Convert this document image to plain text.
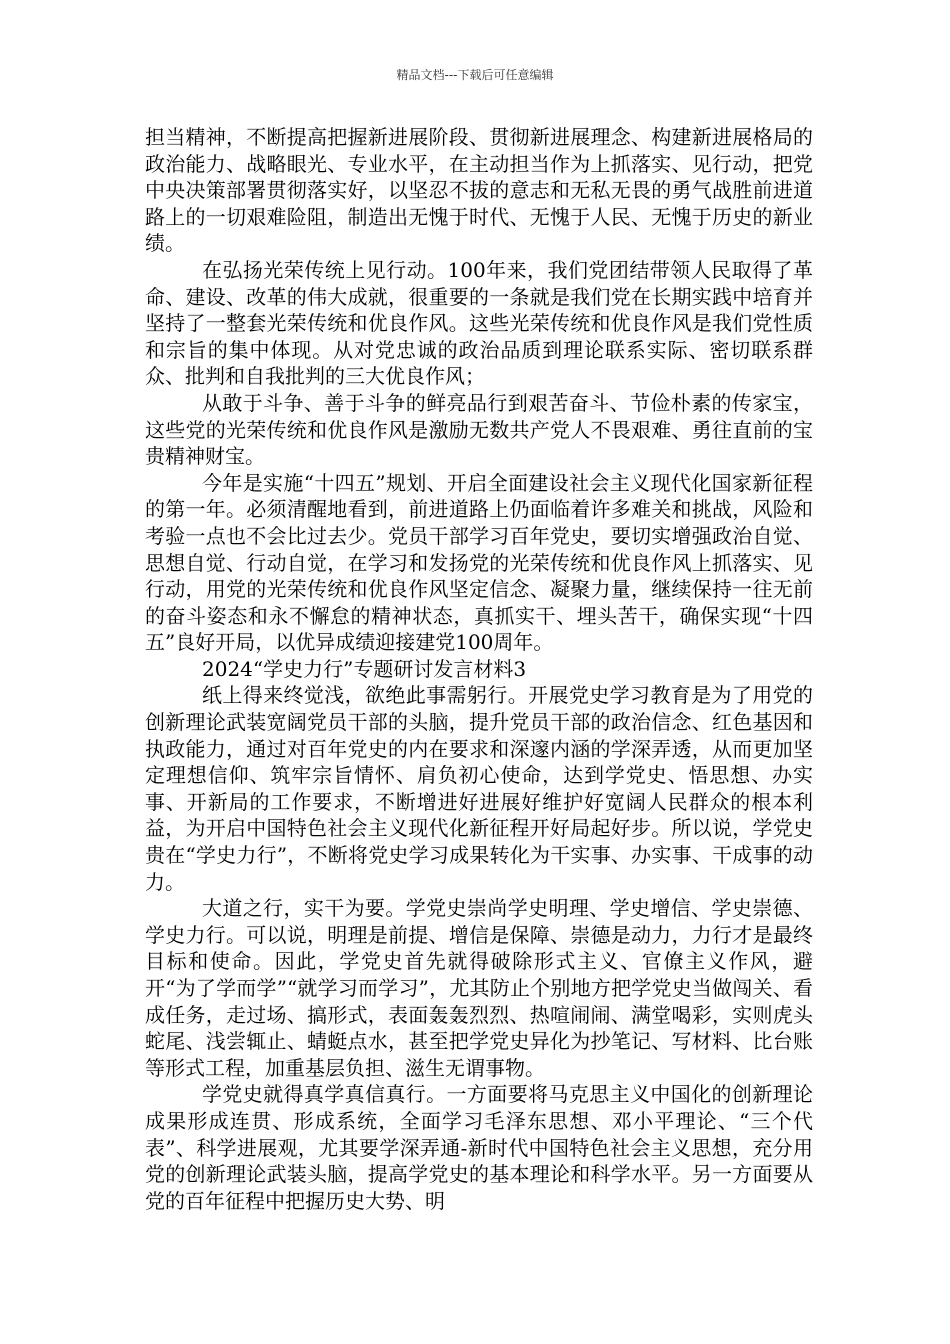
精品文档---下载后可任意编辑

担当精神，不断提高把握新进展阶段、贯彻新进展理念、构建新进展格局的政治能力、战略眼光、专业水平，在主动担当作为上抓落实、见行动，把党中央决策部署贯彻落实好，以坚忍不拔的意志和无私无畏的勇气战胜前进道路上的一切艰难险阻，制造出无愧于时代、无愧于人民、无愧于历史的新业绩。

在弘扬光荣传统上见行动。100年来，我们党团结带领人民取得了革命、建设、改革的伟大成就，很重要的一条就是我们党在长期实践中培育并坚持了一整套光荣传统和优良作风。这些光荣传统和优良作风是我们党性质和宗旨的集中体现。从对党忠诚的政治品质到理论联系实际、密切联系群众、批判和自我批判的三大优良作风；

从敢于斗争、善于斗争的鲜亮品行到艰苦奋斗、节俭朴素的传家宝，这些党的光荣传统和优良作风是激励无数共产党人不畏艰难、勇往直前的宝贵精神财宝。

今年是实施“十四五”规划、开启全面建设社会主义现代化国家新征程的第一年。必须清醒地看到，前进道路上仍面临着许多难关和挑战，风险和考验一点也不会比过去少。党员干部学习百年党史，要切实增强政治自觉、思想自觉、行动自觉，在学习和发扬党的光荣传统和优良作风上抓落实、见行动，用党的光荣传统和优良作风坚定信念、凝聚力量，继续保持一往无前的奋斗姿态和永不懈怠的精神状态，真抓实干、埋头苦干，确保实现“十四五”良好开局，以优异成绩迎接建党100周年。

2024“学史力行”专题研讨发言材料3

纸上得来终觉浅，欲绝此事需躬行。开展党史学习教育是为了用党的创新理论武装宽阔党员干部的头脑，提升党员干部的政治信念、红色基因和执政能力，通过对百年党史的内在要求和深邃内涵的学深弄透，从而更加坚定理想信仰、筑牢宗旨情怀、肩负初心使命，达到学党史、悟思想、办实事、开新局的工作要求，不断增进好进展好维护好宽阔人民群众的根本利益，为开启中国特色社会主义现代化新征程开好局起好步。所以说，学党史贵在“学史力行”，不断将党史学习成果转化为干实事、办实事、干成事的动力。

大道之行，实干为要。学党史崇尚学史明理、学史增信、学史崇德、学史力行。可以说，明理是前提、增信是保障、崇德是动力，力行才是最终目标和使命。因此，学党史首先就得破除形式主义、官僚主义作风，避开“为了学而学”“就学习而学习”，尤其防止个别地方把学党史当做闯关、看成任务，走过场、搞形式，表面轰轰烈烈、热喧闹闹、满堂喝彩，实则虎头蛇尾、浅尝辄止、蜻蜓点水，甚至把学党史异化为抄笔记、写材料、比台账等形式工程，加重基层负担、滋生无谓事物。

学党史就得真学真信真行。一方面要将马克思主义中国化的创新理论成果形成连贯、形成系统，全面学习毛泽东思想、邓小平理论、“三个代表”、科学进展观，尤其要学深弄通-新时代中国特色社会主义思想，充分用党的创新理论武装头脑，提高学党史的基本理论和科学水平。另一方面要从党的百年征程中把握历史大势、明
